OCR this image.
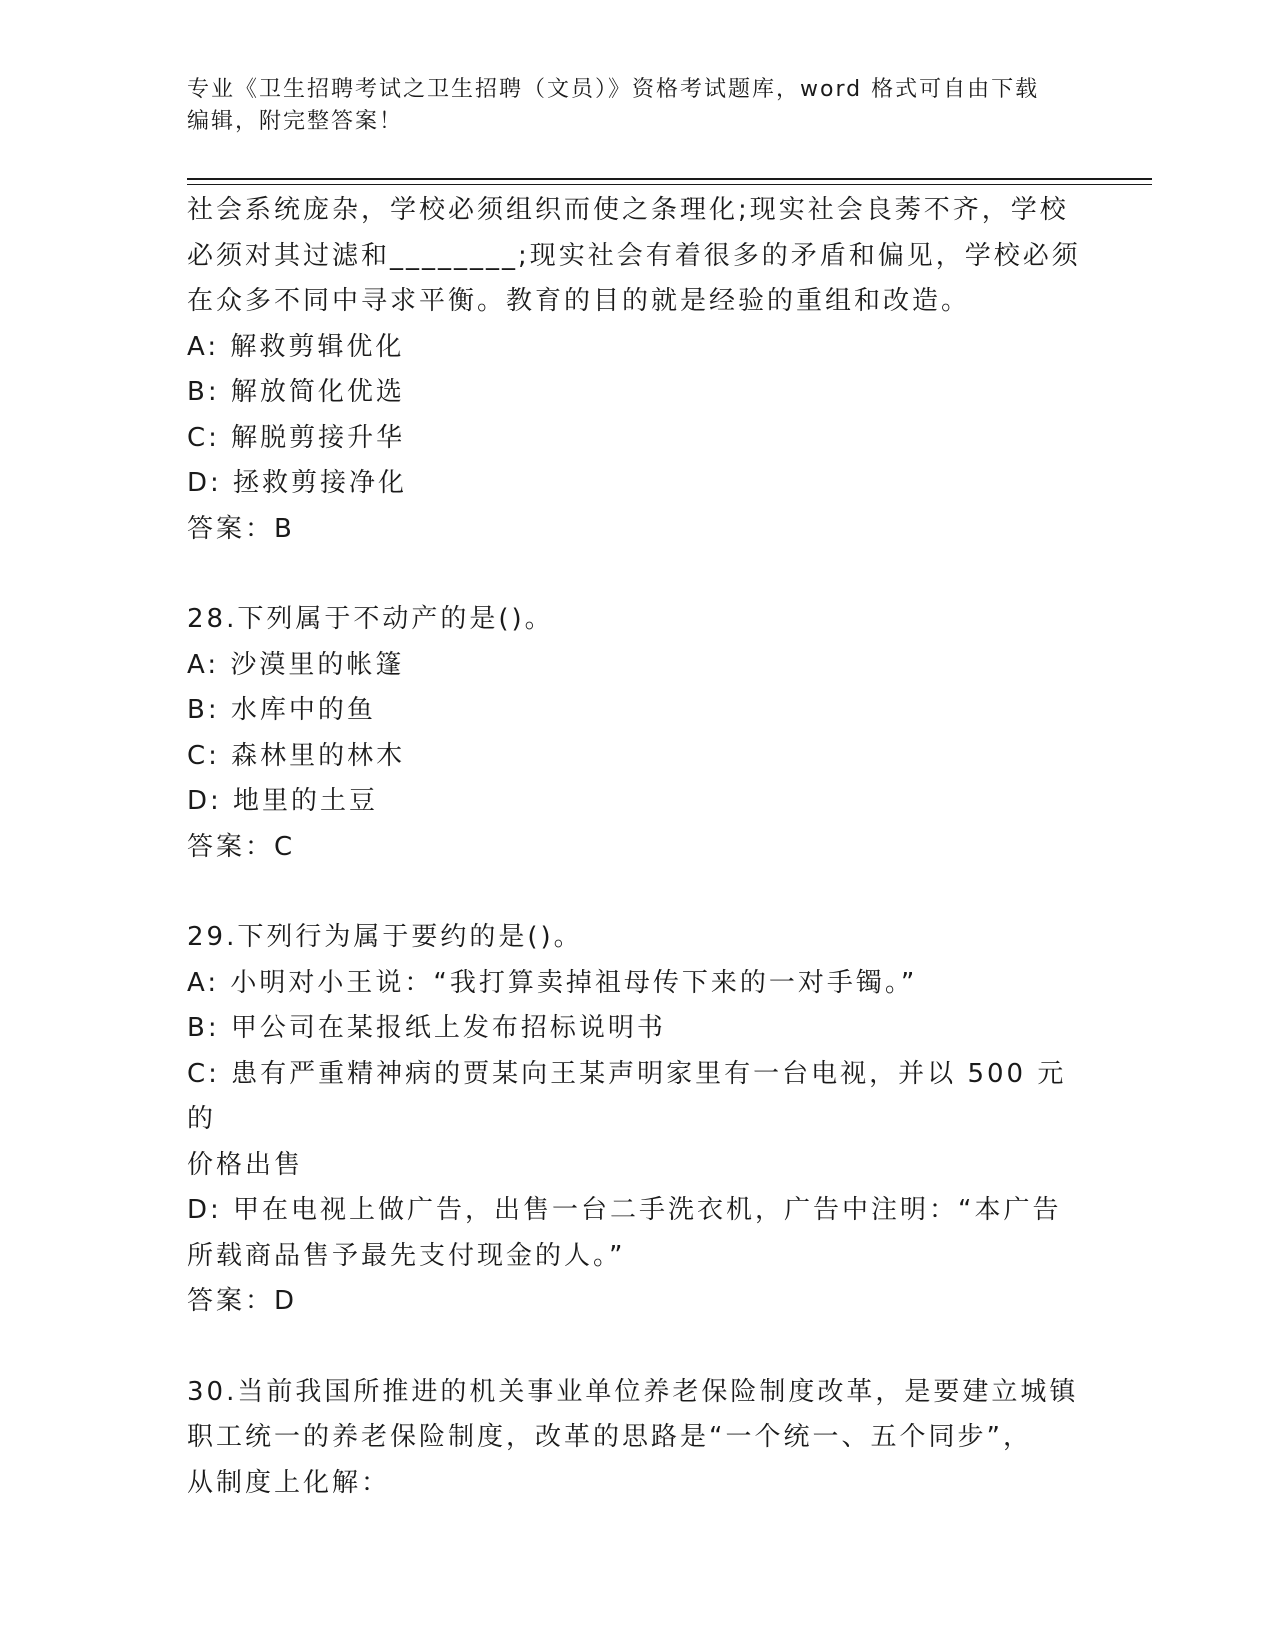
专业《卫生招聘考试之卫生招聘（文员）》资格考试题库，word 格式可自由下载
编辑，附完整答案！

社会系统庞杂，学校必须组织而使之条理化;现实社会良莠不齐，学校

必须对其过滤和________;现实社会有着很多的矛盾和偏见，学校必须

在众多不同中寻求平衡。教育的目的就是经验的重组和改造。

A: 解救剪辑优化

B: 解放简化优选

C: 解脱剪接升华

D: 拯救剪接净化

答案：B

28.下列属于不动产的是()。

A: 沙漠里的帐篷

B: 水库中的鱼

C: 森林里的林木

D: 地里的土豆

答案：C

29.下列行为属于要约的是()。

A: 小明对小王说：“我打算卖掉祖母传下来的一对手镯。”

B: 甲公司在某报纸上发布招标说明书

C: 患有严重精神病的贾某向王某声明家里有一台电视，并以 500 元的

价格出售

D: 甲在电视上做广告，出售一台二手洗衣机，广告中注明：“本广告

所载商品售予最先支付现金的人。”

答案：D

30.当前我国所推进的机关事业单位养老保险制度改革，是要建立城镇

职工统一的养老保险制度，改革的思路是“一个统一、五个同步”，

从制度上化解：
